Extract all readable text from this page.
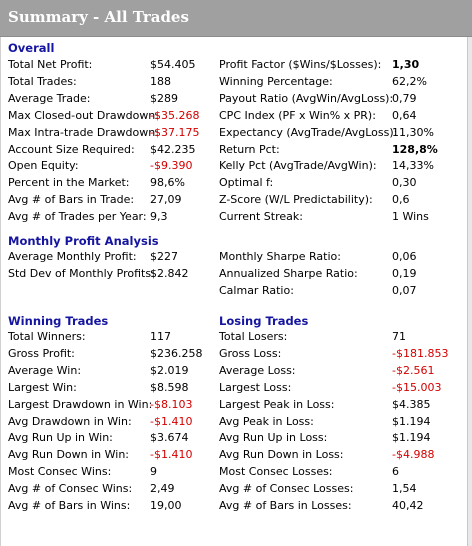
Summary - All Trades
Overall
Monthly Profit Analysis
Winning Trades	Losing Trades
Total Net Profit:	$54.405
Total Trades:	188
Average Trade:	$289
Max Closed-out Drawdown:
-$35.268
Max Intra-trade Drawdown:
-$37.175
Account Size Required: $42.235
Open Equity:	-$9.390
Percent in the Market: 98,6%
Avg # of Bars in Trade: 27,09
Avg # of Trades per Year: 9,3
Profit Factor ($Wins/$Losses): 1,30
Winning Percentage:	62,2%
Payout Ratio (AvgWin/AvgLoss):
0,79
CPC Index (PF x Win% x PR): 0,64
Expectancy (AvgTrade/AvgLoss):
11,30%
Return Pct:	128,8%
Kelly Pct (AvgTrade/AvgWin): 14,33%
Optimal f:	0,30
Z-Score (W/L Predictability): 0,6
Current Streak:	1 Wins
Average Monthly Profit: $227
Std Dev of Monthly Profits:
$2.842
Monthly Sharpe Ratio:	0,06
Annualized Sharpe Ratio:	0,19
Calmar Ratio:	0,07
Total Winners:	117
Gross Profit:	$236.258
Average Win:	$2.019
Largest Win:	$8.598
Largest Drawdown in Win:
-$8.103
Avg Drawdown in Win: -$1.410
Avg Run Up in Win:	$3.674
Avg Run Down in Win: -$1.410
Most Consec Wins:	9
Avg # of Consec Wins: 2,49
Avg # of Bars in Wins: 19,00
Total Losers:	71
Gross Loss:	-$181.853
Average Loss:	-$2.561
Largest Loss:	-$15.003
Largest Peak in Loss:	$4.385
Avg Peak in Loss:	$1.194
Avg Run Up in Loss:	$1.194
Avg Run Down in Loss:	-$4.988
Most Consec Losses:	6
Avg # of Consec Losses:	1,54
Avg # of Bars in Losses:	40,42
